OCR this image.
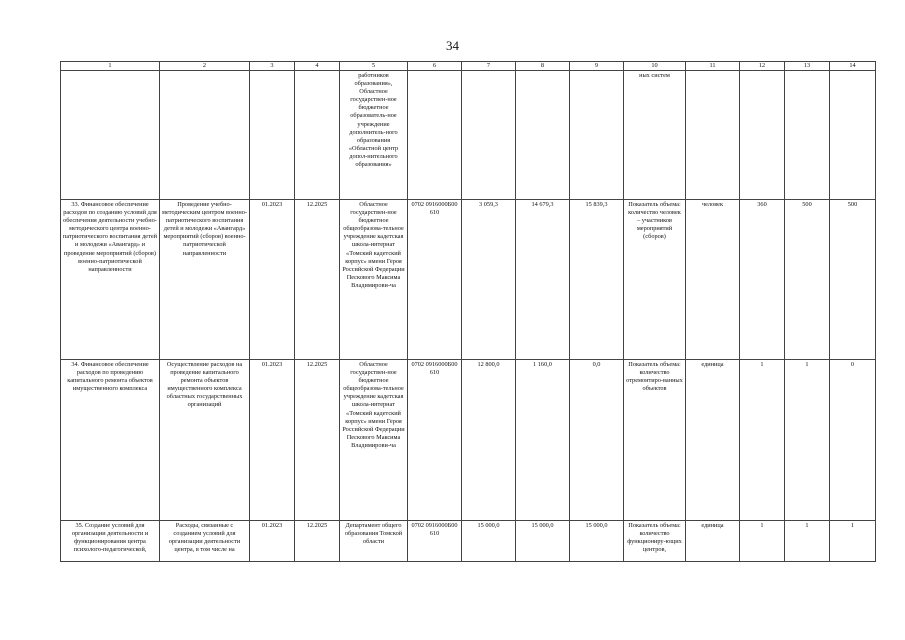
34
1	2	3	4	5	6	7	8	9	10	11	12	13	14
				работников образования», Областное государствен-ное бюджетное образователь-ное учреждение дополнитель-ного образования «Областной центр допол-нительного образования»					ных систем				
33. Финансовое обеспечение расходов по созданию условий для обеспечения деятельности учебно-методического центра военно-патриотического воспитания детей и молодежи «Авангард» и проведение мероприятий (сборов) военно-патриотической направленности	Проведение учебно-методическим центром военно-патриотического воспитания детей и молодежи «Авангард» мероприятий (сборов) военно-патриотической направленности	01.2023	12.2025	Областное государствен-ное бюджетное общеобразова-тельное учреждение кадетская школа-интернат «Томский кадетский корпус» имени Героя Российской Федерации Пескового Максима Владимирови-ча	0702 0916000Б00 610	3 059,3	14 679,3	15 839,3	Показатель объема: количество человек – участников мероприятий (сборов)	человек	360	500	500
34. Финансовое обеспечение расходов по проведению капитального ремонта объектов имущественного комплекса	Осуществление расходов на проведение капитального ремонта объектов имущественного комплекса областных государственных организаций	01.2023	12.2025	Областное государствен-ное бюджетное общеобразова-тельное учреждение кадетская школа-интернат «Томский кадетский корпус» имени Героя Российской Федерации Пескового Максима Владимирови-ча	0702 0916000Б00 610	12 800,0	1 160,0	0,0	Показатель объема: количество отремонтиро-ванных объектов	единица	1	1	0
35. Создание условий для организации деятельности и функционирования центра психолого-педагогической,	Расходы, связанные с созданием условий для организации деятельности центра, в том числе на	01.2023	12.2025	Департамент общего образования Томской области	0702 0916000Б00 610	15 000,0	15 000,0	15 000,0	Показатель объема: количество функциониру-ющих центров,	единица	1	1	1
